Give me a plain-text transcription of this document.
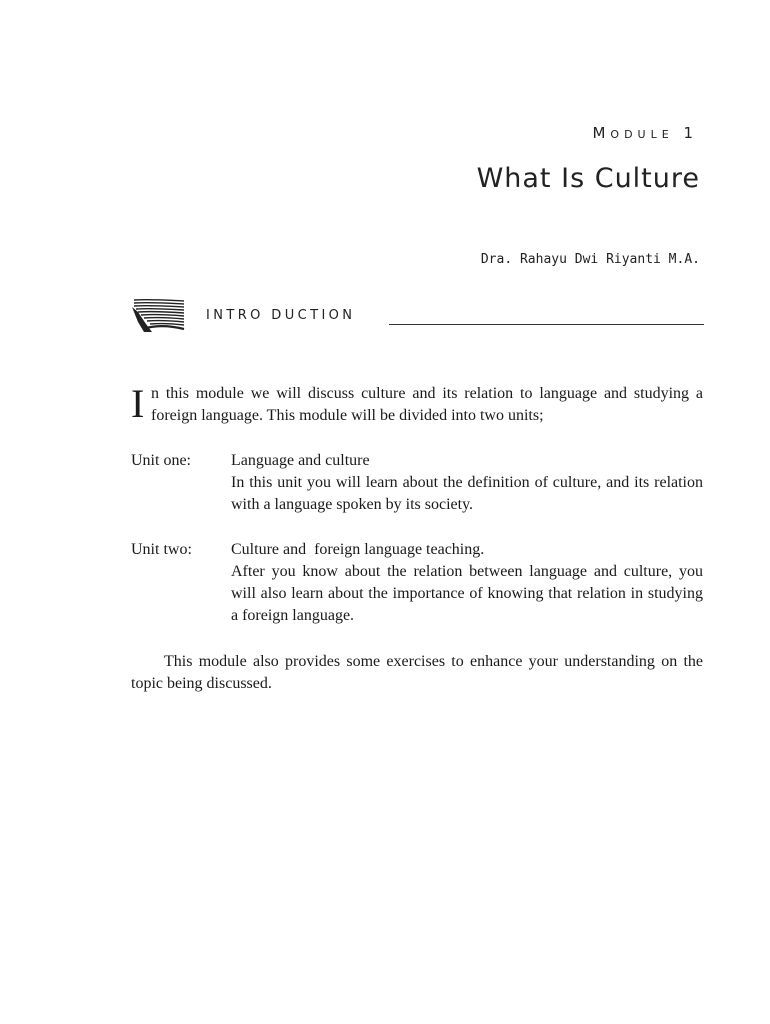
Module 1
What Is Culture
Dra. Rahayu Dwi Riyanti M.A.
INTRO DUCTION
I n this module we will discuss culture and its relation to language and studying a foreign language. This module will be divided into two units;
Unit one:	Language and culture
In this unit you will learn about the definition of culture, and its relation with a language spoken by its society.
Unit two: Culture and  foreign language teaching.
After you know about the relation between language and culture, you will also learn about the importance of knowing that relation in studying a foreign language.
This module also provides some exercises to enhance your understanding on the topic being discussed.
